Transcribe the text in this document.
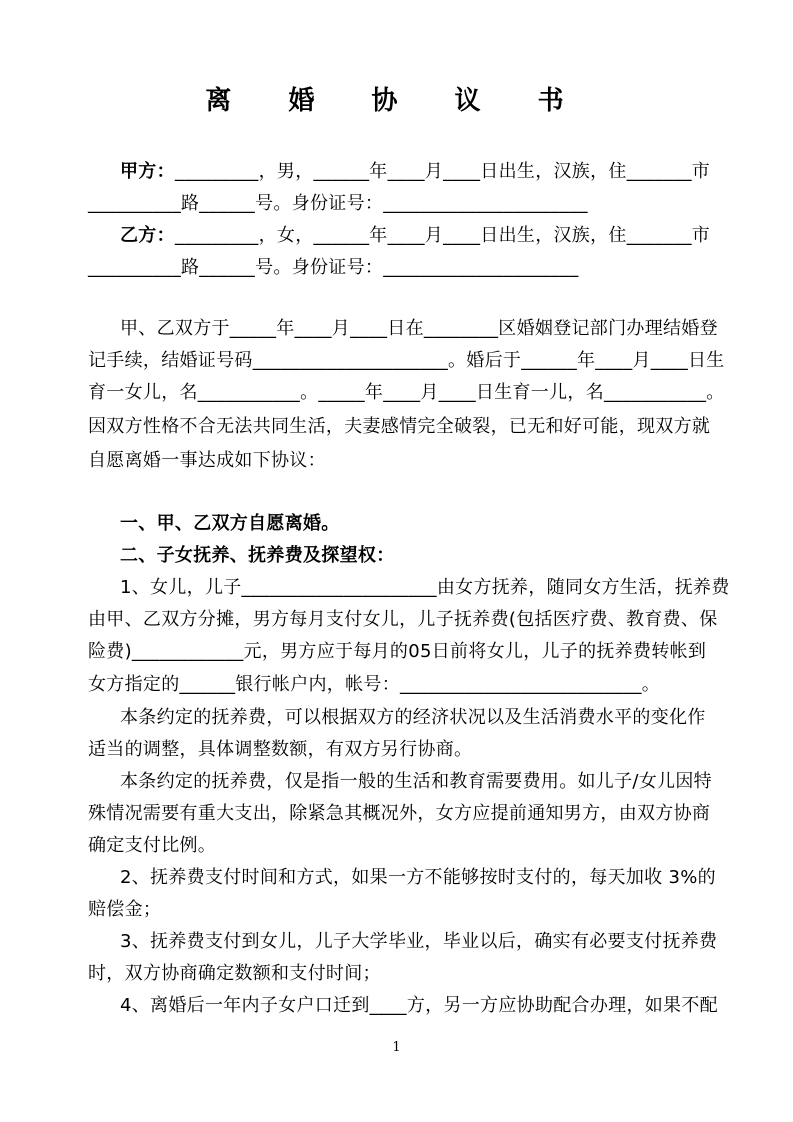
离 婚 协 议 书

甲方：_________，男，______年____月____日出生，汉族，住_______市

__________路______号。身份证号：______________________

乙方：_________，女，______年____月____日出生，汉族，住_______市

__________路______号。身份证号：_____________________

甲、乙双方于_____年____月____日在________区婚姻登记部门办理结婚登

记手续，结婚证号码_____________________。婚后于______年____月____日生

育一女儿，名___________。_____年____月____日生育一儿，名___________。

因双方性格不合无法共同生活，夫妻感情完全破裂，已无和好可能，现双方就

自愿离婚一事达成如下协议：

一、甲、乙双方自愿离婚。

二、子女抚养、抚养费及探望权：

1、女儿，儿子_____________________由女方抚养，随同女方生活，抚养费

由甲、乙双方分摊，男方每月支付女儿，儿子抚养费(包括医疗费、教育费、保

险费)____________元，男方应于每月的05日前将女儿，儿子的抚养费转帐到

女方指定的______银行帐户内，帐号：__________________________。

本条约定的抚养费，可以根据双方的经济状况以及生活消费水平的变化作

适当的调整，具体调整数额，有双方另行协商。

本条约定的抚养费，仅是指一般的生活和教育需要费用。如儿子/女儿因特

殊情况需要有重大支出，除紧急其概况外，女方应提前通知男方，由双方协商

确定支付比例。

2、抚养费支付时间和方式，如果一方不能够按时支付的，每天加收 3%的

赔偿金；

3、抚养费支付到女儿，儿子大学毕业，毕业以后，确实有必要支付抚养费

时，双方协商确定数额和支付时间；

4、离婚后一年内子女户口迁到____方，另一方应协助配合办理，如果不配

1
